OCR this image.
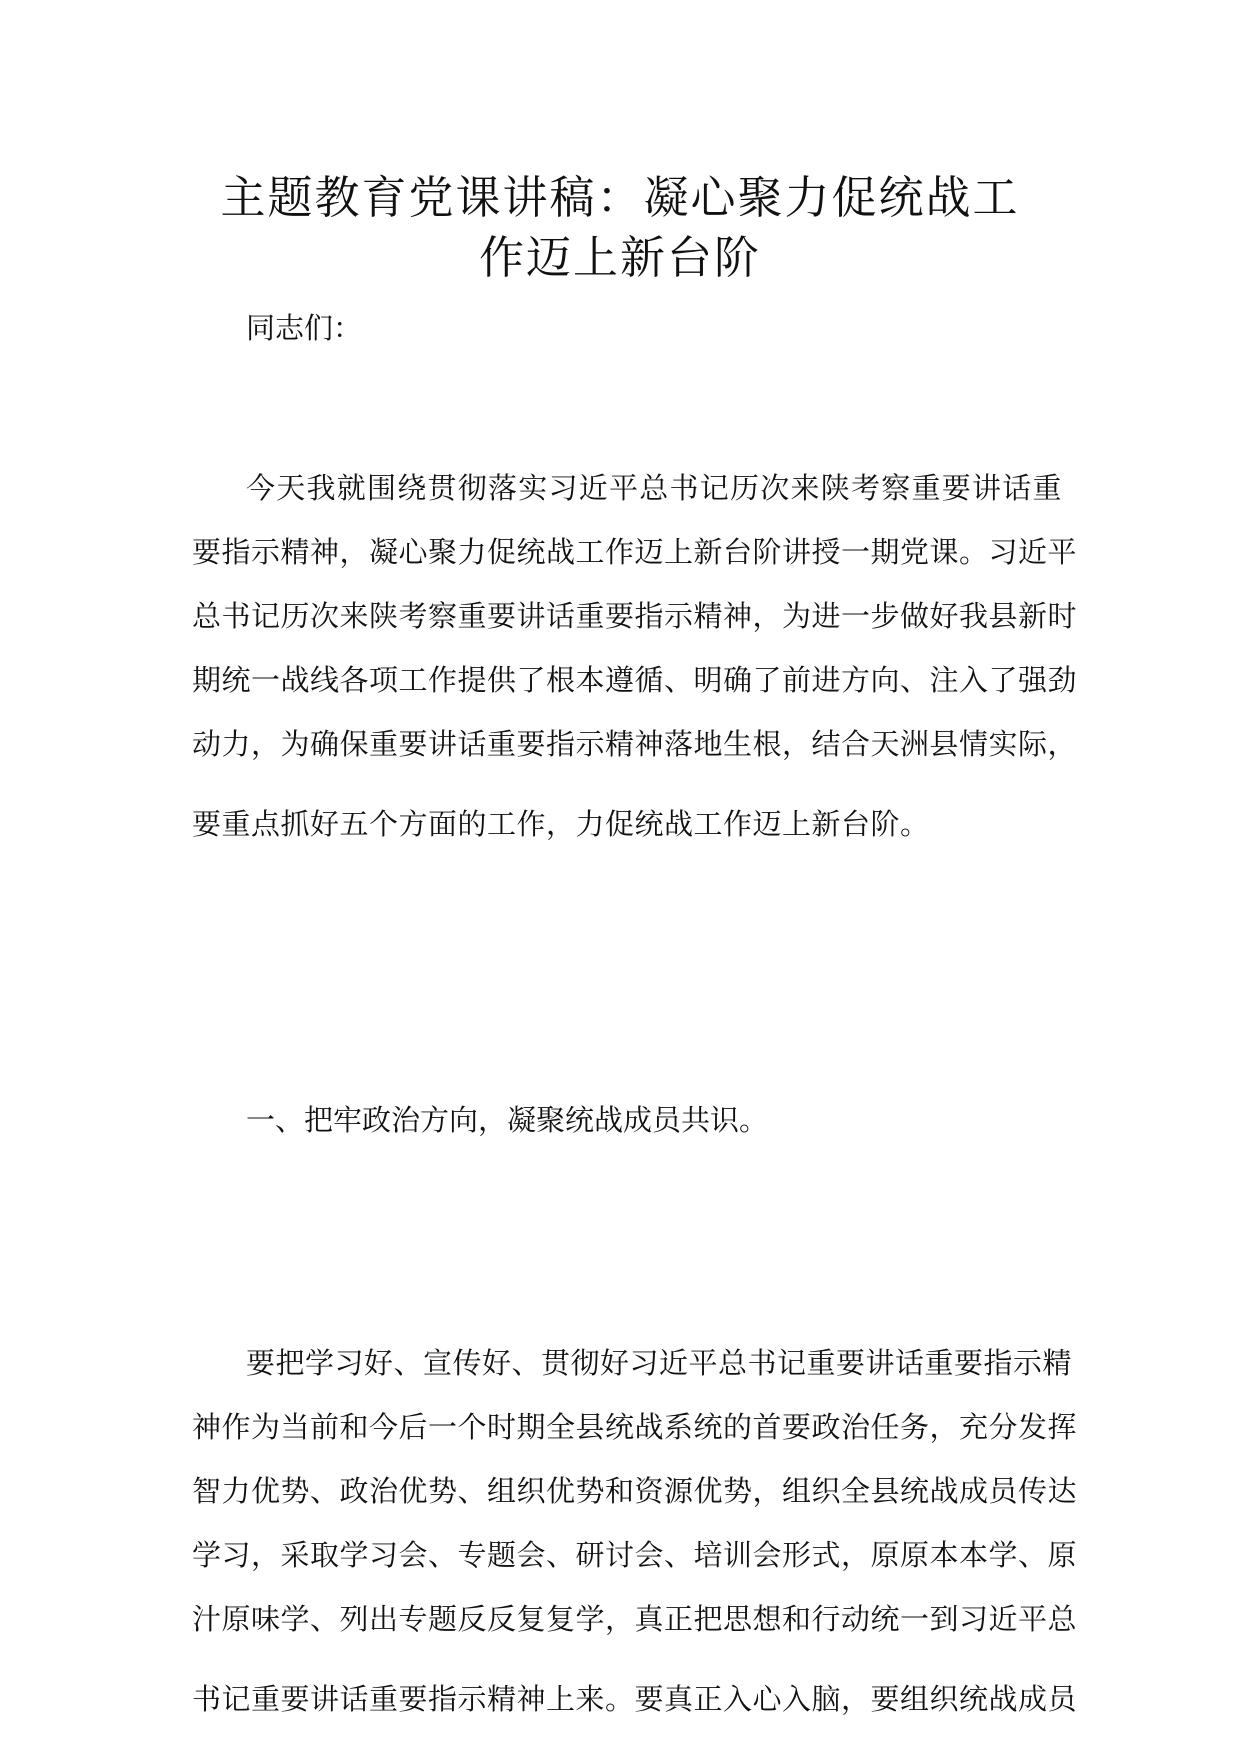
主题教育党课讲稿：凝心聚力促统战工
作迈上新台阶

同志们：

今天我就围绕贯彻落实习近平总书记历次来陕考察重要讲话重
要指示精神，凝心聚力促统战工作迈上新台阶讲授一期党课。习近平
总书记历次来陕考察重要讲话重要指示精神，为进一步做好我县新时
期统一战线各项工作提供了根本遵循、明确了前进方向、注入了强劲
动力，为确保重要讲话重要指示精神落地生根，结合天洲县情实际，
要重点抓好五个方面的工作，力促统战工作迈上新台阶。

一、把牢政治方向，凝聚统战成员共识。

要把学习好、宣传好、贯彻好习近平总书记重要讲话重要指示精
神作为当前和今后一个时期全县统战系统的首要政治任务，充分发挥
智力优势、政治优势、组织优势和资源优势，组织全县统战成员传达
学习，采取学习会、专题会、研讨会、培训会形式，原原本本学、原
汁原味学、列出专题反反复复学，真正把思想和行动统一到习近平总
书记重要讲话重要指示精神上来。要真正入心入脑，要组织统战成员
